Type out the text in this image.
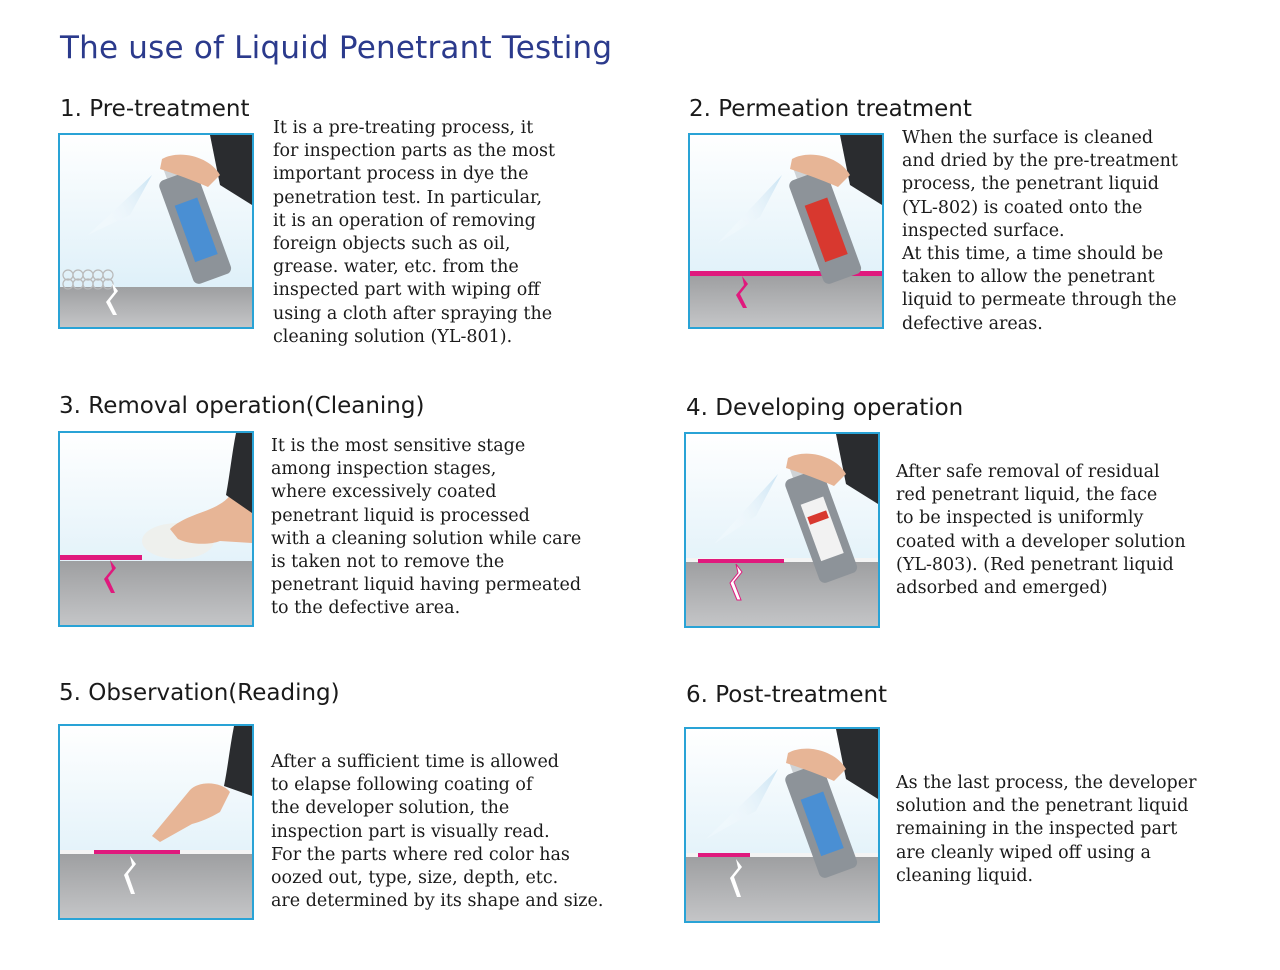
The use of Liquid Penetrant Testing
1. Pre-treatment
It is a pre-treating process, it
for inspection parts as the most
important process in dye the
penetration test. In particular,
it is an operation of removing
foreign objects such as oil,
grease. water, etc. from the
inspected part with wiping off
using a cloth after spraying the
cleaning solution (YL-801).
2. Permeation treatment
When the surface is cleaned
and dried by the pre-treatment
process, the penetrant liquid
(YL-802) is coated onto the
inspected surface.
At this time, a time should be
taken to allow the penetrant
liquid to permeate through the
defective areas.
3. Removal operation(Cleaning)
It is the most sensitive stage
among inspection stages,
where excessively coated
penetrant liquid is processed
with a cleaning solution while care
is taken not to remove the
penetrant liquid having permeated
to the defective area.
4. Developing operation
After safe removal of residual
red penetrant liquid, the face
to be inspected is uniformly
coated with a developer solution
(YL-803). (Red penetrant liquid
adsorbed and emerged)
5. Observation(Reading)
After a sufficient time is allowed
to elapse following coating of
the developer solution, the
inspection part is visually read.
For the parts where red color has
oozed out, type, size, depth, etc.
are determined by its shape and size.
6. Post-treatment
As the last process, the developer
solution and the penetrant liquid
remaining in the inspected part
are cleanly wiped off using a
cleaning liquid.
